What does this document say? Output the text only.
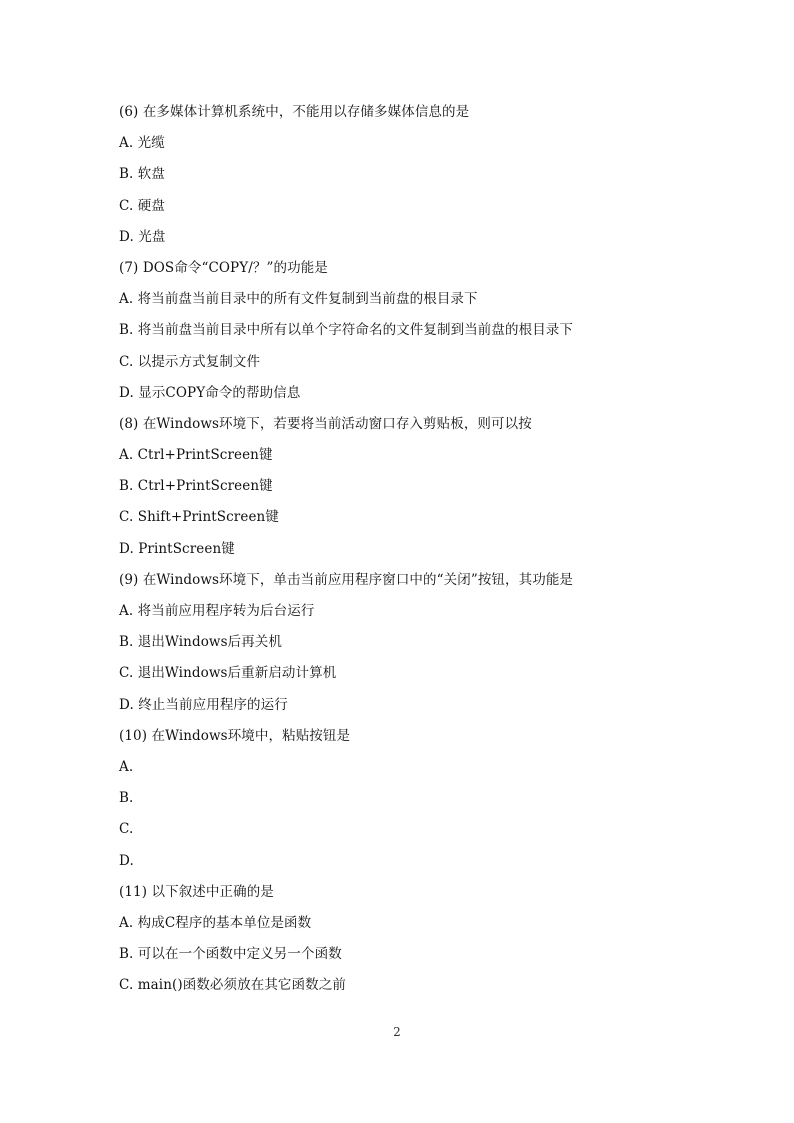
(6) 在多媒体计算机系统中，不能用以存储多媒体信息的是
A. 光缆
B. 软盘
C. 硬盘
D. 光盘
(7) DOS命令“COPY/？”的功能是
A. 将当前盘当前目录中的所有文件复制到当前盘的根目录下
B. 将当前盘当前目录中所有以单个字符命名的文件复制到当前盘的根目录下
C. 以提示方式复制文件
D. 显示COPY命令的帮助信息
(8) 在Windows环境下，若要将当前活动窗口存入剪贴板，则可以按
A. Ctrl+PrintScreen键
B. Ctrl+PrintScreen键
C. Shift+PrintScreen键
D. PrintScreen键
(9) 在Windows环境下，单击当前应用程序窗口中的“关闭”按钮，其功能是
A. 将当前应用程序转为后台运行
B. 退出Windows后再关机
C. 退出Windows后重新启动计算机
D. 终止当前应用程序的运行
(10) 在Windows环境中，粘贴按钮是
A.
B.
C.
D.
(11) 以下叙述中正确的是
A. 构成C程序的基本单位是函数
B. 可以在一个函数中定义另一个函数
C. main()函数必须放在其它函数之前
2
